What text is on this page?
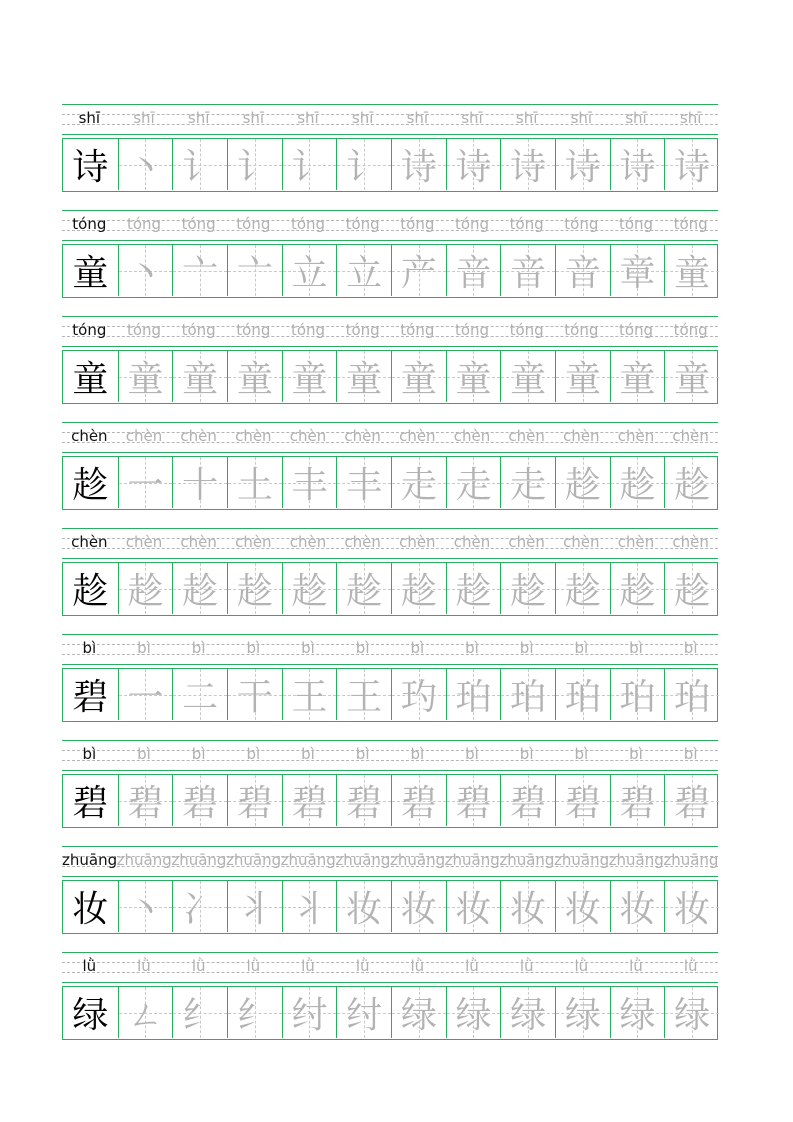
shī	shī	shī	shī	shī	shī	shī	shī	shī	shī	shī	shī
诗 丶 讠 讠 讠 讠 诗 诗 诗 诗 诗 诗
tóng	tóng	tóng	tóng	tóng	tóng	tóng	tóng	tóng	tóng	tóng	tóng
童 丶 亠 亠 立 立 产 音 音 音 章 童
tóng	tóng	tóng	tóng	tóng	tóng	tóng	tóng	tóng	tóng	tóng	tóng
童 童 童 童 童 童 童 童 童 童 童 童
chèn	chèn	chèn	chèn	chèn	chèn	chèn	chèn	chèn	chèn	chèn	chèn
趁 一 十 土 丰 丰 走 走 走 趁 趁 趁
chèn	chèn	chèn	chèn	chèn	chèn	chèn	chèn	chèn	chèn	chèn	chèn
趁 趁 趁 趁 趁 趁 趁 趁 趁 趁 趁 趁
bì	bì	bì	bì	bì	bì	bì	bì	bì	bì	bì	bì
碧 一 二 干 王 王 玓 珀 珀 珀 珀 珀
bì	bì	bì	bì	bì	bì	bì	bì	bì	bì	bì	bì
碧 碧 碧 碧 碧 碧 碧 碧 碧 碧 碧 碧
zhuāng zhuāng zhuāng zhuāng zhuāng zhuāng zhuāng zhuāng zhuāng zhuāng zhuāng zhuāng
妆 丶 冫 丬 丬 妆 妆 妆 妆 妆 妆 妆
lǜ	lǜ	lǜ	lǜ	lǜ	lǜ	lǜ	lǜ	lǜ	lǜ	lǜ	lǜ
绿 ㄥ 纟 纟 纣 纣 绿 绿 绿 绿 绿 绿
